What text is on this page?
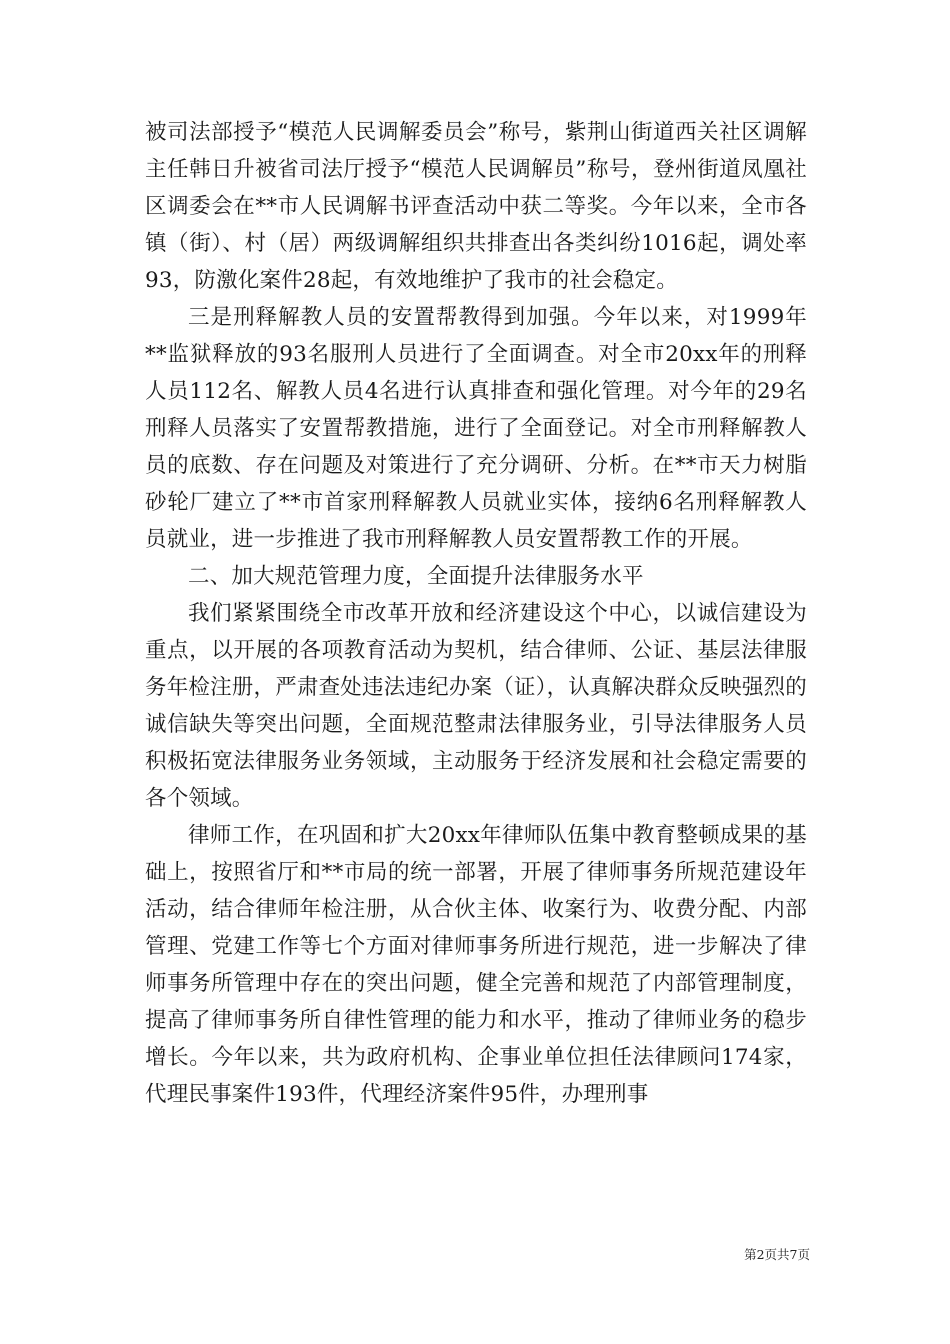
被司法部授予“模范人民调解委员会”称号，紫荆山街道西关社区调解主任韩日升被省司法厅授予“模范人民调解员”称号，登州街道凤凰社区调委会在**市人民调解书评查活动中获二等奖。今年以来，全市各镇（街）、村（居）两级调解组织共排查出各类纠纷1016起，调处率93，防激化案件28起，有效地维护了我市的社会稳定。

三是刑释解教人员的安置帮教得到加强。今年以来，对1999年**监狱释放的93名服刑人员进行了全面调查。对全市20xx年的刑释人员112名、解教人员4名进行认真排查和强化管理。对今年的29名刑释人员落实了安置帮教措施，进行了全面登记。对全市刑释解教人员的底数、存在问题及对策进行了充分调研、分析。在**市天力树脂砂轮厂建立了**市首家刑释解教人员就业实体，接纳6名刑释解教人员就业，进一步推进了我市刑释解教人员安置帮教工作的开展。

二、加大规范管理力度，全面提升法律服务水平

我们紧紧围绕全市改革开放和经济建设这个中心，以诚信建设为重点，以开展的各项教育活动为契机，结合律师、公证、基层法律服务年检注册，严肃查处违法违纪办案（证），认真解决群众反映强烈的诚信缺失等突出问题，全面规范整肃法律服务业，引导法律服务人员积极拓宽法律服务业务领域，主动服务于经济发展和社会稳定需要的各个领域。

律师工作，在巩固和扩大20xx年律师队伍集中教育整顿成果的基础上，按照省厅和**市局的统一部署，开展了律师事务所规范建设年活动，结合律师年检注册，从合伙主体、收案行为、收费分配、内部管理、党建工作等七个方面对律师事务所进行规范，进一步解决了律师事务所管理中存在的突出问题，健全完善和规范了内部管理制度，提高了律师事务所自律性管理的能力和水平，推动了律师业务的稳步增长。今年以来，共为政府机构、企事业单位担任法律顾问174家，代理民事案件193件，代理经济案件95件，办理刑事

第2页共7页
